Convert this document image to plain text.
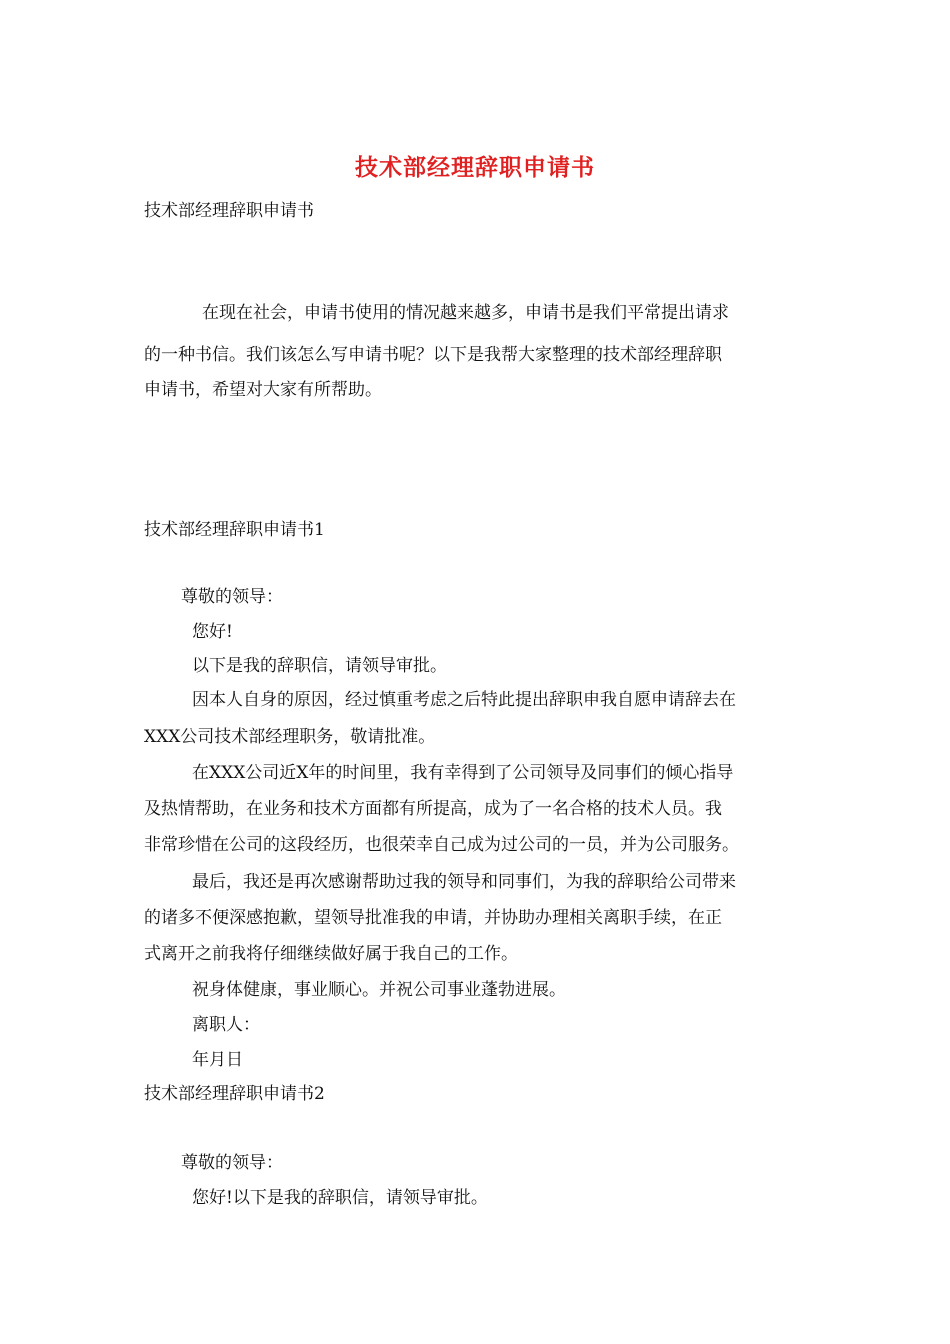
技术部经理辞职申请书
技术部经理辞职申请书
在现在社会，申请书使用的情况越来越多，申请书是我们平常提出请求
的一种书信。我们该怎么写申请书呢？以下是我帮大家整理的技术部经理辞职
申请书，希望对大家有所帮助。
技术部经理辞职申请书1
尊敬的领导：
您好!
以下是我的辞职信，请领导审批。
因本人自身的原因，经过慎重考虑之后特此提出辞职申我自愿申请辞去在
XXX公司技术部经理职务，敬请批准。
在XXX公司近X年的时间里，我有幸得到了公司领导及同事们的倾心指导
及热情帮助，在业务和技术方面都有所提高，成为了一名合格的技术人员。我
非常珍惜在公司的这段经历，也很荣幸自己成为过公司的一员，并为公司服务。
最后，我还是再次感谢帮助过我的领导和同事们，为我的辞职给公司带来
的诸多不便深感抱歉，望领导批准我的申请，并协助办理相关离职手续，在正
式离开之前我将仔细继续做好属于我自己的工作。
祝身体健康，事业顺心。并祝公司事业蓬勃进展。
离职人：
年月日
技术部经理辞职申请书2
尊敬的领导：
您好!以下是我的辞职信，请领导审批。
